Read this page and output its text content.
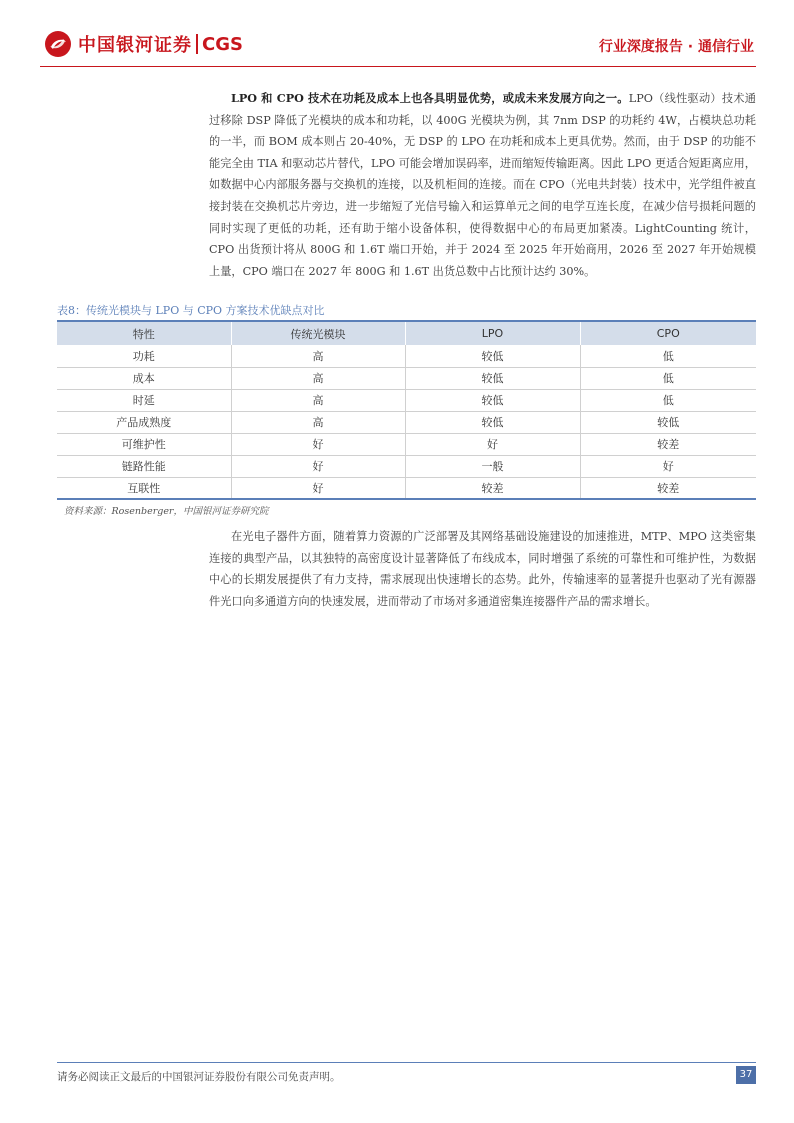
中国银河证券 CGS	行业深度报告 · 通信行业
LPO 和 CPO 技术在功耗及成本上也各具明显优势，或成未来发展方向之一。LPO（线性驱动）技术通过移除 DSP 降低了光模块的成本和功耗，以 400G 光模块为例，其 7nm DSP 的功耗约 4W，占模块总功耗的一半，而 BOM 成本则占 20-40%，无 DSP 的 LPO 在功耗和成本上更具优势。然而，由于 DSP 的功能不能完全由 TIA 和驱动芯片替代，LPO 可能会增加误码率，进而缩短传输距离。因此 LPO 更适合短距离应用，如数据中心内部服务器与交换机的连接，以及机柜间的连接。而在 CPO（光电共封装）技术中，光学组件被直接封装在交换机芯片旁边，进一步缩短了光信号输入和运算单元之间的电学互连长度，在减少信号损耗问题的同时实现了更低的功耗，还有助于缩小设备体积，使得数据中心的布局更加紧凑。LightCounting 统计，CPO 出货预计将从 800G 和 1.6T 端口开始，并于 2024 至 2025 年开始商用，2026 至 2027 年开始规模上量，CPO 端口在 2027 年 800G 和 1.6T 出货总数中占比预计达约 30%。
表8：传统光模块与 LPO 与 CPO 方案技术优缺点对比
特性	传统光模块	LPO	CPO
功耗	高	较低	低
成本	高	较低	低
时延	高	较低	低
产品成熟度	高	较低	较低
可维护性	好	好	较差
链路性能	好	一般	好
互联性	好	较差	较差
资料来源：Rosenberger，中国银河证券研究院
在光电子器件方面，随着算力资源的广泛部署及其网络基础设施建设的加速推进，MTP、MPO 这类密集连接的典型产品，以其独特的高密度设计显著降低了布线成本，同时增强了系统的可靠性和可维护性，为数据中心的长期发展提供了有力支持，需求展现出快速增长的态势。此外，传输速率的显著提升也驱动了光有源器件光口向多通道方向的快速发展，进而带动了市场对多通道密集连接器件产品的需求增长。
请务必阅读正文最后的中国银河证券股份有限公司免责声明。	37
